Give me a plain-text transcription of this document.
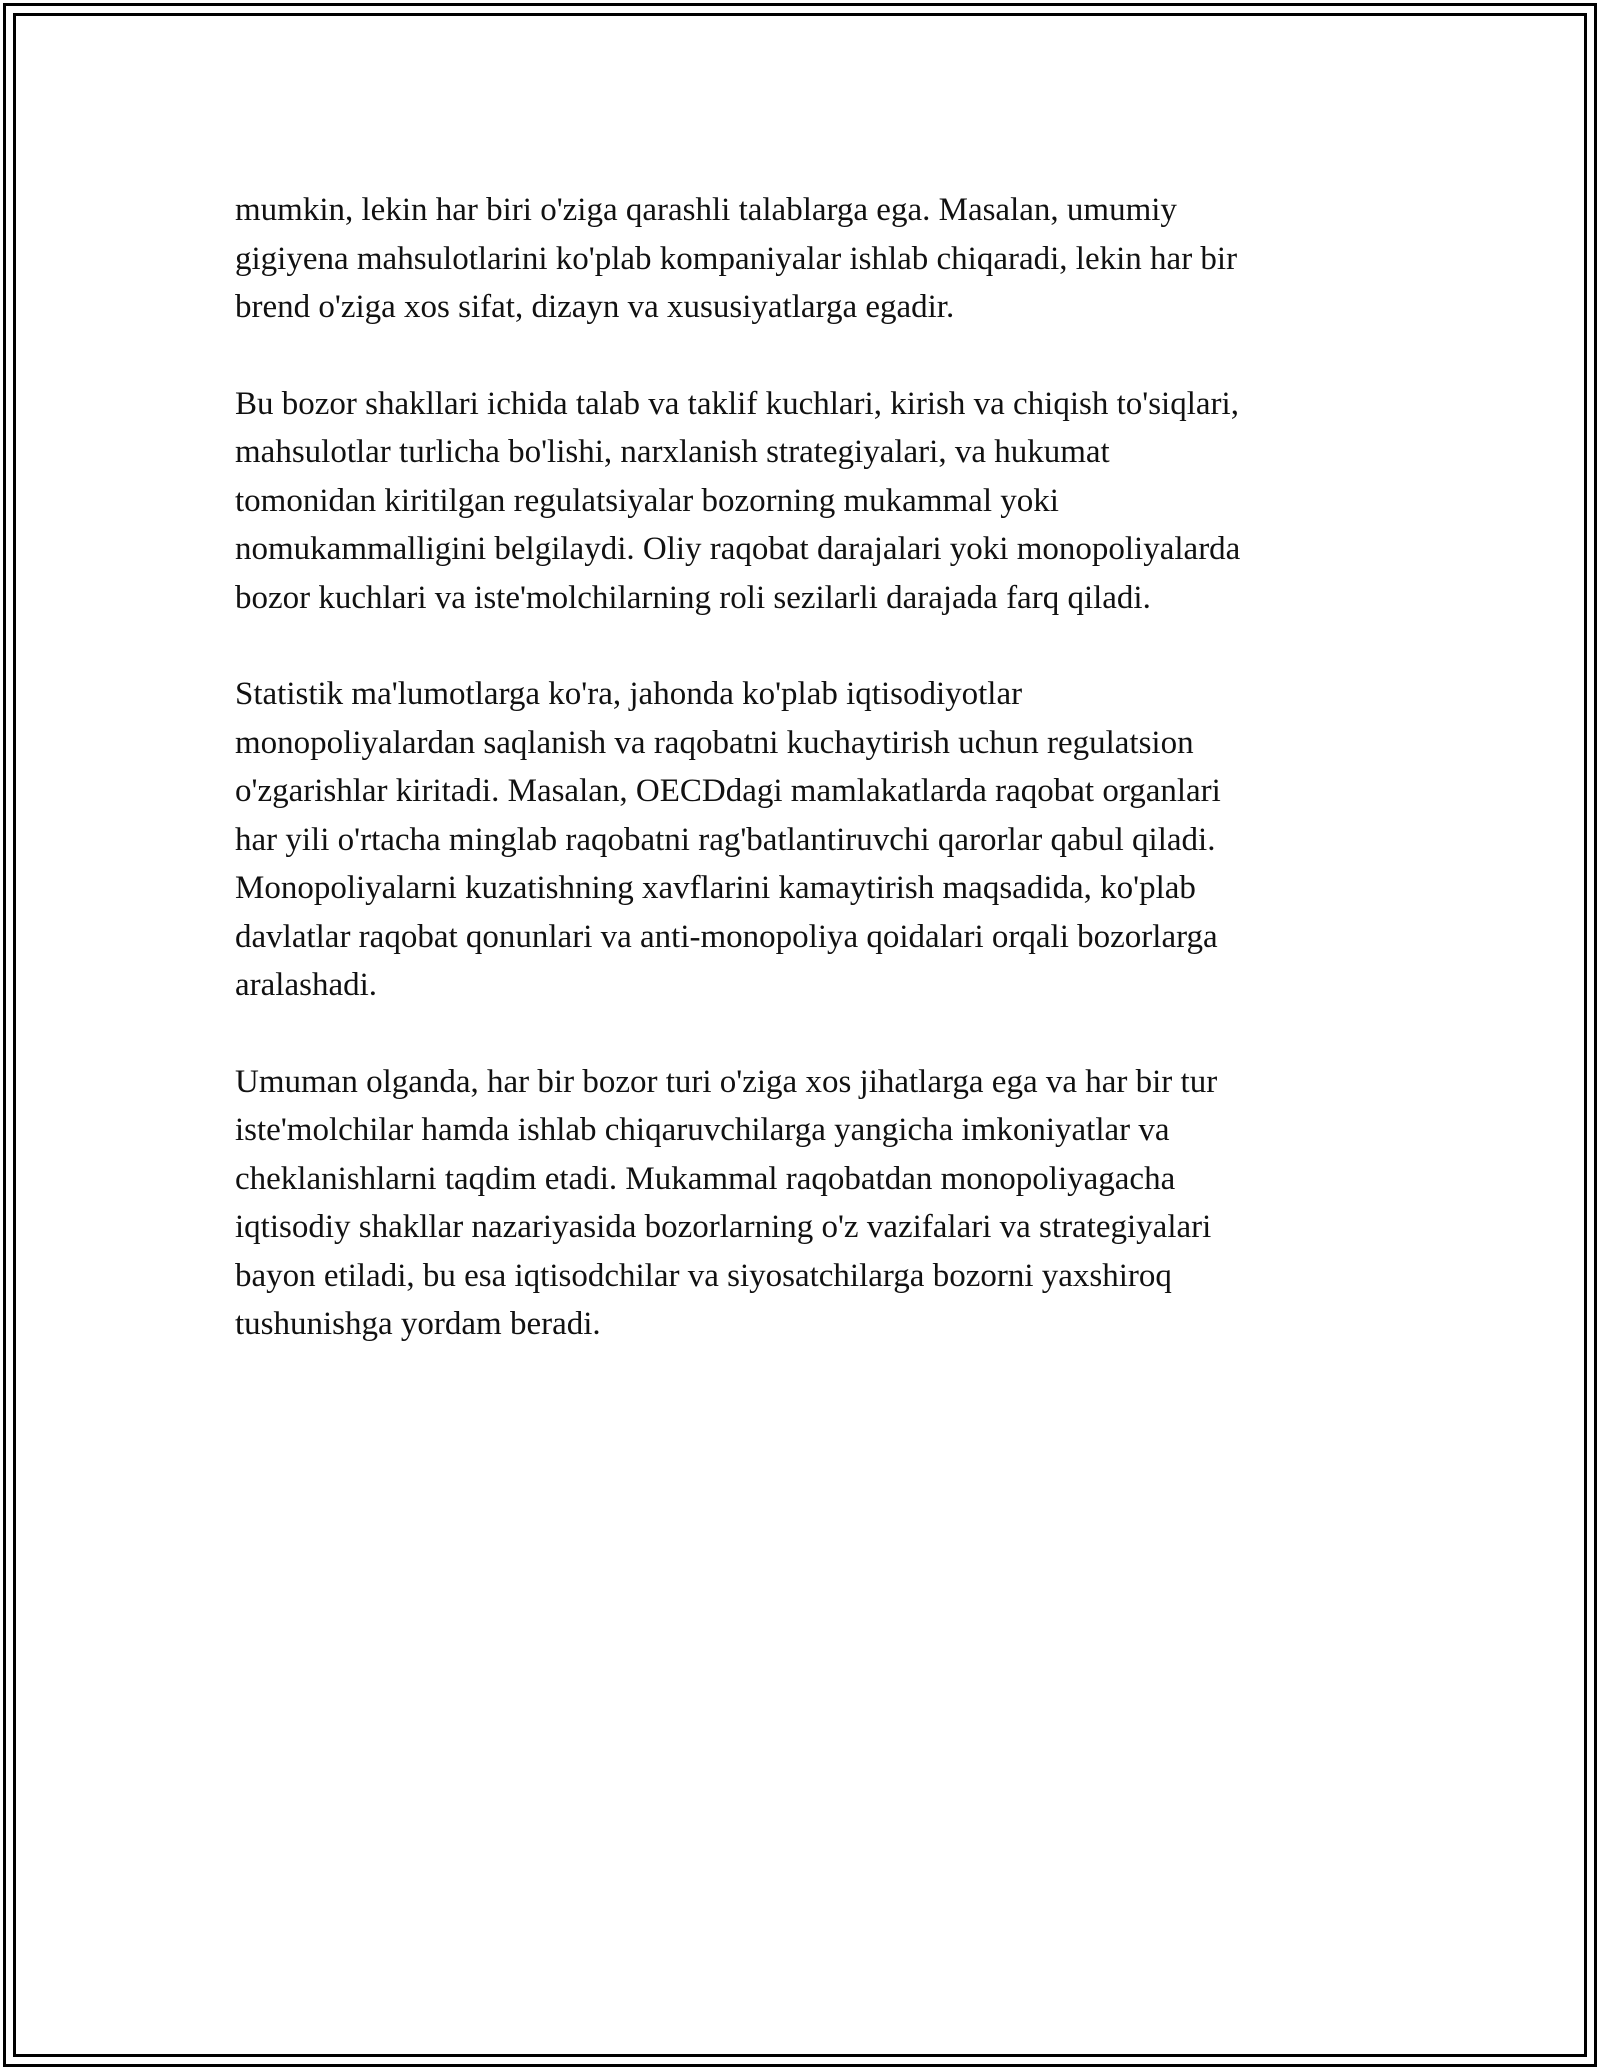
mumkin, lekin har biri o'ziga qarashli talablarga ega. Masalan, umumiy
gigiyena mahsulotlarini ko'plab kompaniyalar ishlab chiqaradi, lekin har bir
brend o'ziga xos sifat, dizayn va xususiyatlarga egadir.

Bu bozor shakllari ichida talab va taklif kuchlari, kirish va chiqish to'siqlari,
mahsulotlar turlicha bo'lishi, narxlanish strategiyalari, va hukumat
tomonidan kiritilgan regulatsiyalar bozorning mukammal yoki
nomukammalligini belgilaydi. Oliy raqobat darajalari yoki monopoliyalarda
bozor kuchlari va iste'molchilarning roli sezilarli darajada farq qiladi.

Statistik ma'lumotlarga ko'ra, jahonda ko'plab iqtisodiyotlar
monopoliyalardan saqlanish va raqobatni kuchaytirish uchun regulatsion
o'zgarishlar kiritadi. Masalan, OECDdagi mamlakatlarda raqobat organlari
har yili o'rtacha minglab raqobatni rag'batlantiruvchi qarorlar qabul qiladi.
Monopoliyalarni kuzatishning xavflarini kamaytirish maqsadida, ko'plab
davlatlar raqobat qonunlari va anti-monopoliya qoidalari orqali bozorlarga
aralashadi.

Umuman olganda, har bir bozor turi o'ziga xos jihatlarga ega va har bir tur
iste'molchilar hamda ishlab chiqaruvchilarga yangicha imkoniyatlar va
cheklanishlarni taqdim etadi. Mukammal raqobatdan monopoliyagacha
iqtisodiy shakllar nazariyasida bozorlarning o'z vazifalari va strategiyalari
bayon etiladi, bu esa iqtisodchilar va siyosatchilarga bozorni yaxshiroq
tushunishga yordam beradi.
